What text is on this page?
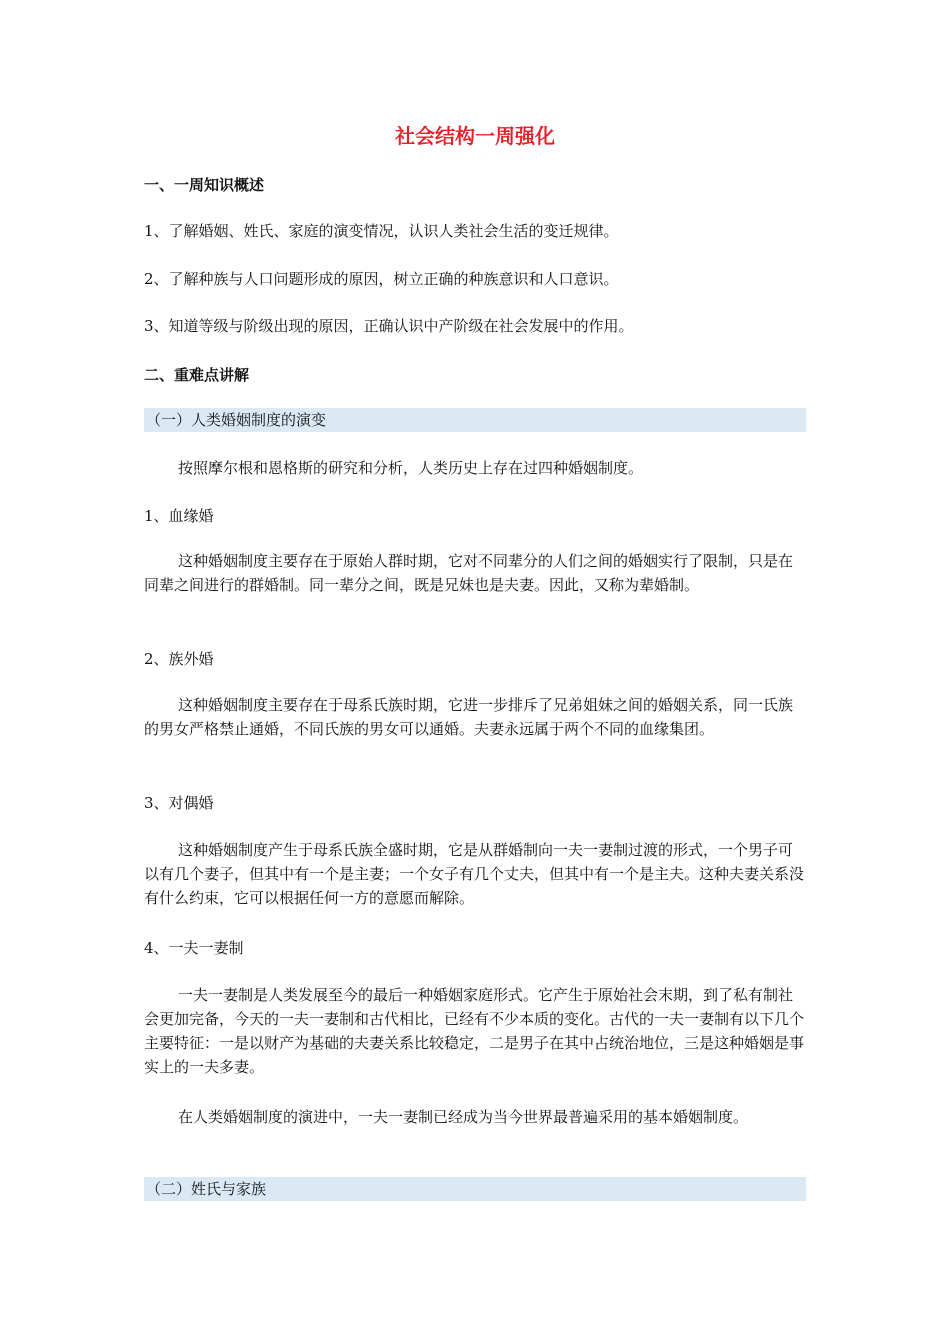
社会结构一周强化
一、一周知识概述

1、了解婚姻、姓氏、家庭的演变情况，认识人类社会生活的变迁规律。

2、了解种族与人口问题形成的原因，树立正确的种族意识和人口意识。

3、知道等级与阶级出现的原因，正确认识中产阶级在社会发展中的作用。

二、重难点讲解
（一）人类婚姻制度的演变

按照摩尔根和恩格斯的研究和分析，人类历史上存在过四种婚姻制度。

1、血缘婚

这种婚姻制度主要存在于原始人群时期，它对不同辈分的人们之间的婚姻实行了限制，只是在同辈之间进行的群婚制。同一辈分之间，既是兄妹也是夫妻。因此，又称为辈婚制。

2、族外婚

这种婚姻制度主要存在于母系氏族时期，它进一步排斥了兄弟姐妹之间的婚姻关系，同一氏族的男女严格禁止通婚，不同氏族的男女可以通婚。夫妻永远属于两个不同的血缘集团。

3、对偶婚

这种婚姻制度产生于母系氏族全盛时期，它是从群婚制向一夫一妻制过渡的形式，一个男子可以有几个妻子，但其中有一个是主妻；一个女子有几个丈夫，但其中有一个是主夫。这种夫妻关系没有什么约束，它可以根据任何一方的意愿而解除。

4、一夫一妻制

一夫一妻制是人类发展至今的最后一种婚姻家庭形式。它产生于原始社会末期，到了私有制社会更加完备，今天的一夫一妻制和古代相比，已经有不少本质的变化。古代的一夫一妻制有以下几个主要特征：一是以财产为基础的夫妻关系比较稳定，二是男子在其中占统治地位，三是这种婚姻是事实上的一夫多妻。

在人类婚姻制度的演进中，一夫一妻制已经成为当今世界最普遍采用的基本婚姻制度。

（二）姓氏与家族
